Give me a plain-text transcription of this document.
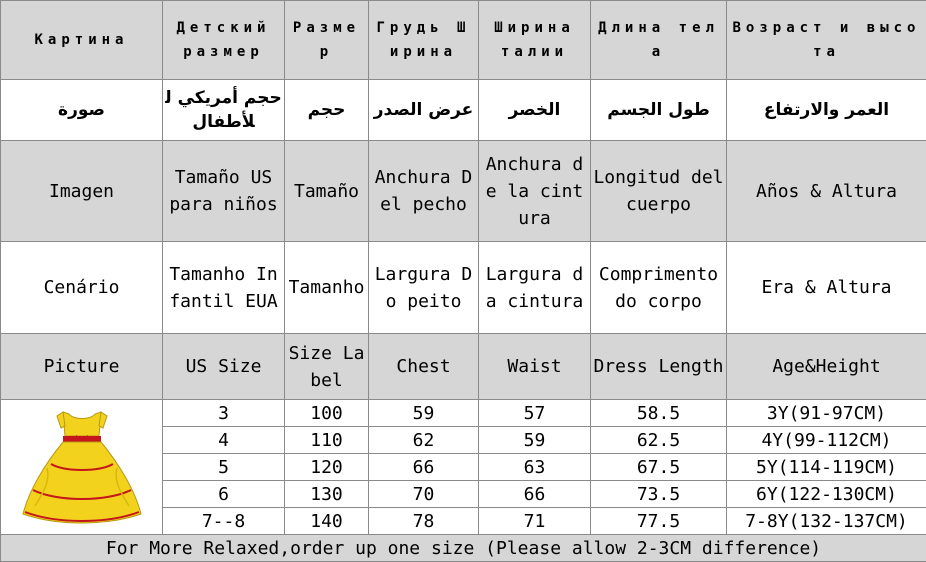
Картина	Детский размер	Размер	Грудь Ширина	Ширина талии	Длина тела	Возраст и высота
صورة	حجم أمريكي للأطفال	حجم	عرض الصدر	الخصر	طول الجسم	العمر والارتفاع
Imagen	Tamaño US para niños	Tamaño	Anchura Del pecho	Anchura de la cintura	Longitud del cuerpo	Años & Altura
Cenário	Tamanho Infantil EUA	Tamanho	Largura Do peito	Largura da cintura	Comprimento do corpo	Era & Altura
Picture	US Size	Size Label	Chest	Waist	Dress Length	Age&Height

	3	100	59	57	58.5	3Y(91-97CM)
	4	110	62	59	62.5	4Y(99-112CM)
	5	120	66	63	67.5	5Y(114-119CM)
	6	130	70	66	73.5	6Y(122-130CM)
	7--8	140	78	71	77.5	7-8Y(132-137CM)
For More Relaxed,order up one size (Please allow 2-3CM difference)						
